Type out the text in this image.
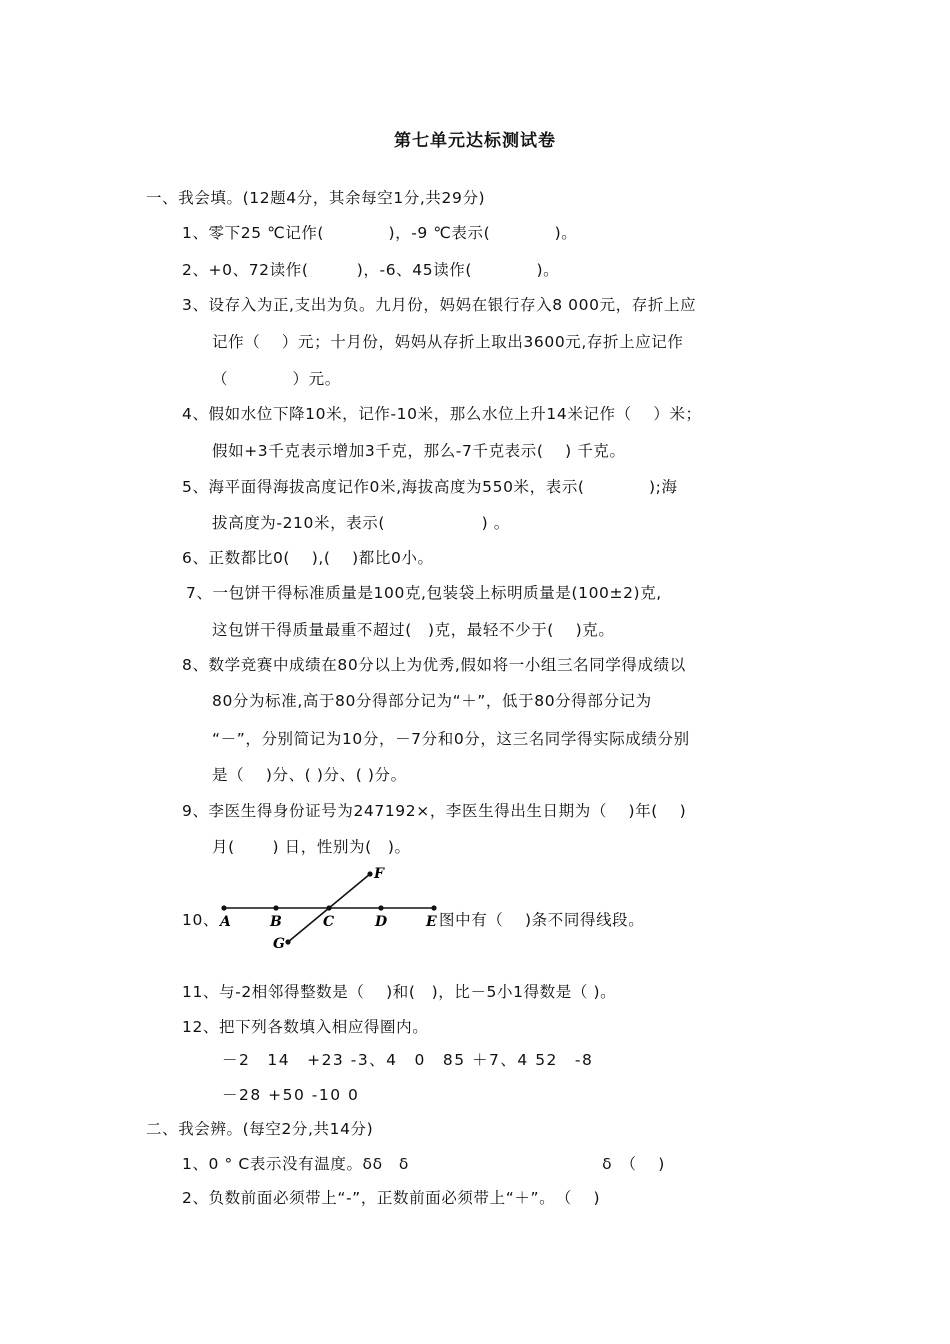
第七单元达标测试卷
一、我会填。(12题4分，其余每空1分,共29分)
1、零下25 ℃记作(　　　　)，-9 ℃表示(　　　　)。
2、+0、72读作(　　　)，-6、45读作(　　　　)。
3、设存入为正,支出为负。九月份，妈妈在银行存入8 000元，存折上应
记作（　 ）元；十月份，妈妈从存折上取出3600元,存折上应记作
（　　　　）元。
4、假如水位下降10米，记作-10米，那么水位上升14米记作（　 ）米；
假如+3千克表示增加3千克，那么-7千克表示(　 ) 千克。
5、海平面得海拔高度记作0米,海拔高度为550米，表示(　　　　);海
拔高度为-210米，表示(　　　　　　) 。
6、正数都比0(　 ),(　 )都比0小。
7、一包饼干得标准质量是100克,包装袋上标明质量是(100±2)克,
这包饼干得质量最重不超过(　)克，最轻不少于(　 )克。
8、数学竞赛中成绩在80分以上为优秀,假如将一小组三名同学得成绩以
80分为标准,高于80分得部分记为“＋”，低于80分得部分记为
“－”，分别简记为10分，－7分和0分，这三名同学得实际成绩分别
是（　 )分、( )分、( )分。
9、李医生得身份证号为247192×，李医生得出生日期为（　 )年(　 )
月(　　 ) 日，性别为(　)。
10、 A	B	C	D	E
F
G
图中有（　 )条不同得线段。
11、与-2相邻得整数是（　 )和(　)，比－5小1得数是（ )。
12、把下列各数填入相应得圈内。
－2　14　+23 -3、4　0　85 ＋7、4 52　-8
－28 +50 -10 0
二、我会辨。(每空2分,共14分)
1、0 ° C表示没有温度。δδ　δ　　　　　　　　　　　　δ　（　 )
2、负数前面必须带上“-”，正数前面必须带上“＋”。　（　 )
